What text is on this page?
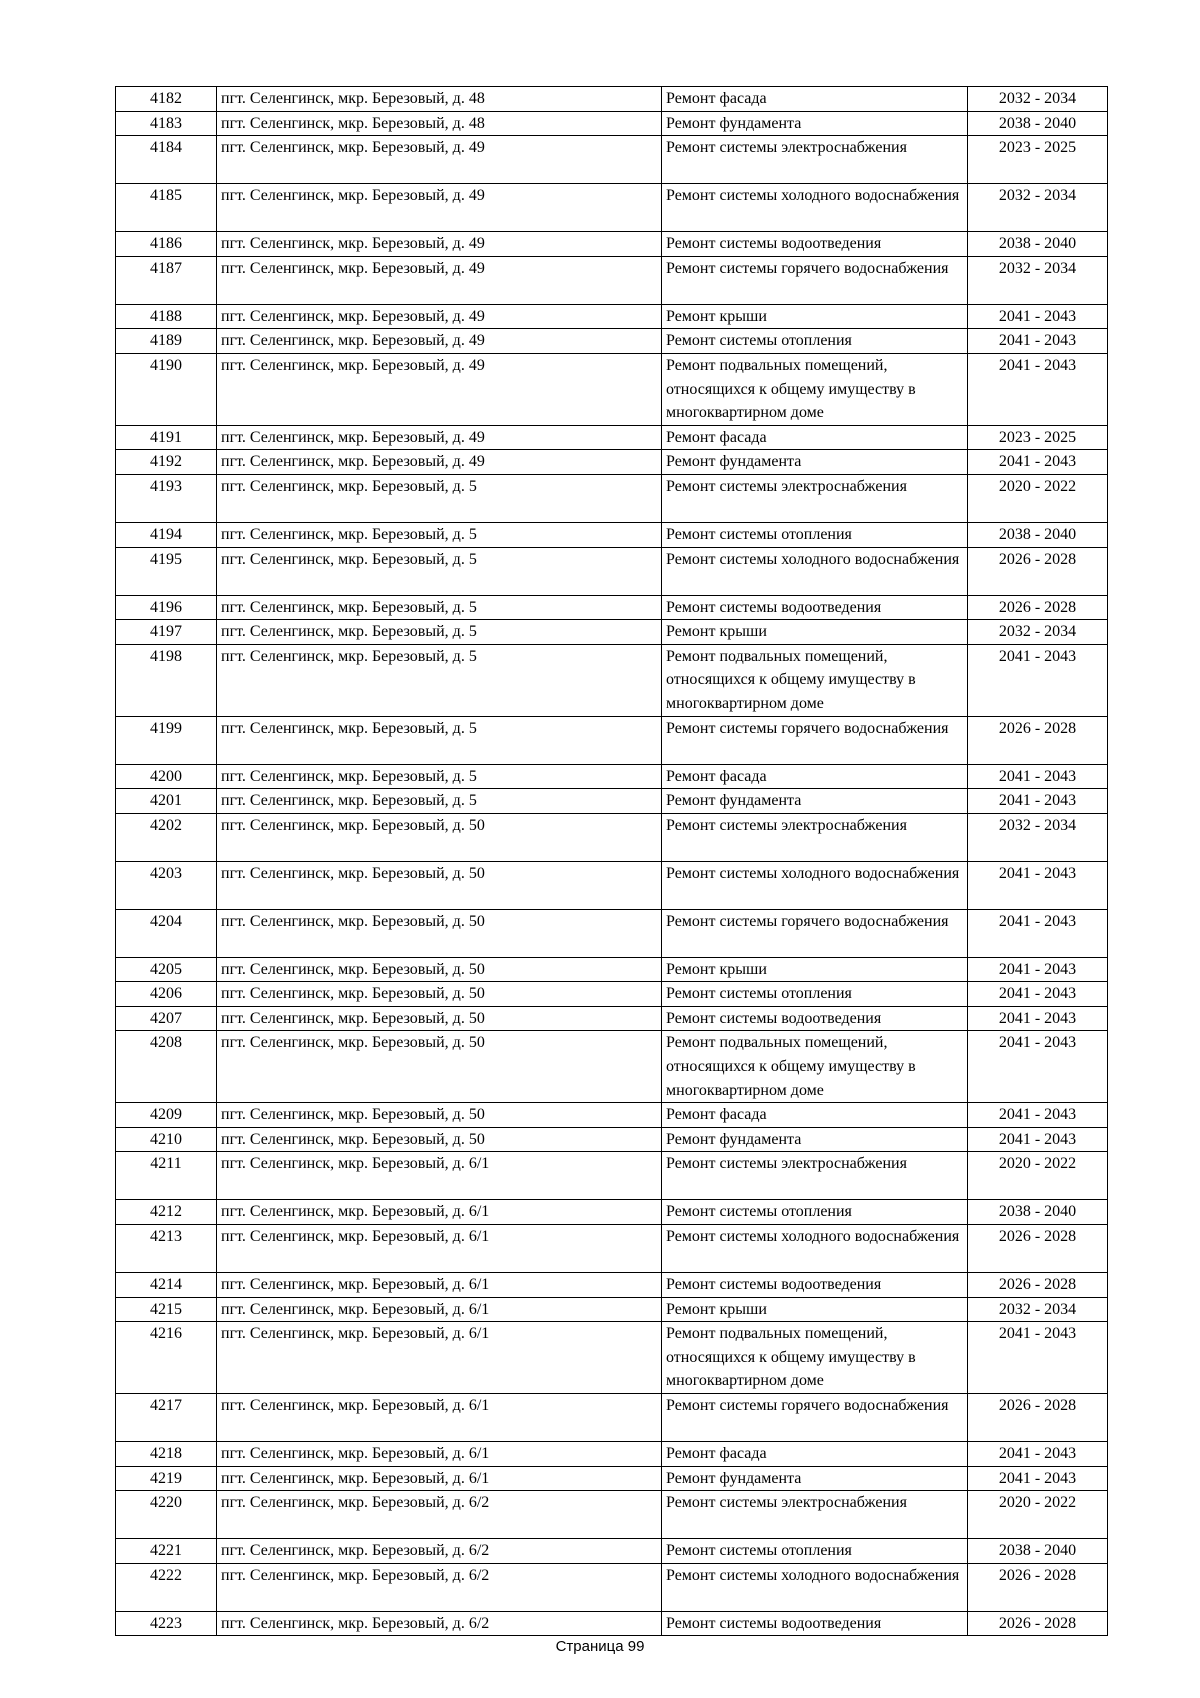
4182	пгт. Селенгинск, мкр. Березовый, д. 48	Ремонт фасада	2032 - 2034
4183	пгт. Селенгинск, мкр. Березовый, д. 48	Ремонт фундамента	2038 - 2040
4184	пгт. Селенгинск, мкр. Березовый, д. 49	Ремонт системы электроснабжения	2023 - 2025
4185	пгт. Селенгинск, мкр. Березовый, д. 49	Ремонт системы холодного водоснабжения	2032 - 2034
4186	пгт. Селенгинск, мкр. Березовый, д. 49	Ремонт системы водоотведения	2038 - 2040
4187	пгт. Селенгинск, мкр. Березовый, д. 49	Ремонт системы горячего водоснабжения	2032 - 2034
4188	пгт. Селенгинск, мкр. Березовый, д. 49	Ремонт крыши	2041 - 2043
4189	пгт. Селенгинск, мкр. Березовый, д. 49	Ремонт системы отопления	2041 - 2043
4190	пгт. Селенгинск, мкр. Березовый, д. 49	Ремонт подвальных помещений, относящихся к общему имуществу в многоквартирном доме	2041 - 2043
4191	пгт. Селенгинск, мкр. Березовый, д. 49	Ремонт фасада	2023 - 2025
4192	пгт. Селенгинск, мкр. Березовый, д. 49	Ремонт фундамента	2041 - 2043
4193	пгт. Селенгинск, мкр. Березовый, д. 5	Ремонт системы электроснабжения	2020 - 2022
4194	пгт. Селенгинск, мкр. Березовый, д. 5	Ремонт системы отопления	2038 - 2040
4195	пгт. Селенгинск, мкр. Березовый, д. 5	Ремонт системы холодного водоснабжения	2026 - 2028
4196	пгт. Селенгинск, мкр. Березовый, д. 5	Ремонт системы водоотведения	2026 - 2028
4197	пгт. Селенгинск, мкр. Березовый, д. 5	Ремонт крыши	2032 - 2034
4198	пгт. Селенгинск, мкр. Березовый, д. 5	Ремонт подвальных помещений, относящихся к общему имуществу в многоквартирном доме	2041 - 2043
4199	пгт. Селенгинск, мкр. Березовый, д. 5	Ремонт системы горячего водоснабжения	2026 - 2028
4200	пгт. Селенгинск, мкр. Березовый, д. 5	Ремонт фасада	2041 - 2043
4201	пгт. Селенгинск, мкр. Березовый, д. 5	Ремонт фундамента	2041 - 2043
4202	пгт. Селенгинск, мкр. Березовый, д. 50	Ремонт системы электроснабжения	2032 - 2034
4203	пгт. Селенгинск, мкр. Березовый, д. 50	Ремонт системы холодного водоснабжения	2041 - 2043
4204	пгт. Селенгинск, мкр. Березовый, д. 50	Ремонт системы горячего водоснабжения	2041 - 2043
4205	пгт. Селенгинск, мкр. Березовый, д. 50	Ремонт крыши	2041 - 2043
4206	пгт. Селенгинск, мкр. Березовый, д. 50	Ремонт системы отопления	2041 - 2043
4207	пгт. Селенгинск, мкр. Березовый, д. 50	Ремонт системы водоотведения	2041 - 2043
4208	пгт. Селенгинск, мкр. Березовый, д. 50	Ремонт подвальных помещений, относящихся к общему имуществу в многоквартирном доме	2041 - 2043
4209	пгт. Селенгинск, мкр. Березовый, д. 50	Ремонт фасада	2041 - 2043
4210	пгт. Селенгинск, мкр. Березовый, д. 50	Ремонт фундамента	2041 - 2043
4211	пгт. Селенгинск, мкр. Березовый, д. 6/1	Ремонт системы электроснабжения	2020 - 2022
4212	пгт. Селенгинск, мкр. Березовый, д. 6/1	Ремонт системы отопления	2038 - 2040
4213	пгт. Селенгинск, мкр. Березовый, д. 6/1	Ремонт системы холодного водоснабжения	2026 - 2028
4214	пгт. Селенгинск, мкр. Березовый, д. 6/1	Ремонт системы водоотведения	2026 - 2028
4215	пгт. Селенгинск, мкр. Березовый, д. 6/1	Ремонт крыши	2032 - 2034
4216	пгт. Селенгинск, мкр. Березовый, д. 6/1	Ремонт подвальных помещений, относящихся к общему имуществу в многоквартирном доме	2041 - 2043
4217	пгт. Селенгинск, мкр. Березовый, д. 6/1	Ремонт системы горячего водоснабжения	2026 - 2028
4218	пгт. Селенгинск, мкр. Березовый, д. 6/1	Ремонт фасада	2041 - 2043
4219	пгт. Селенгинск, мкр. Березовый, д. 6/1	Ремонт фундамента	2041 - 2043
4220	пгт. Селенгинск, мкр. Березовый, д. 6/2	Ремонт системы электроснабжения	2020 - 2022
4221	пгт. Селенгинск, мкр. Березовый, д. 6/2	Ремонт системы отопления	2038 - 2040
4222	пгт. Селенгинск, мкр. Березовый, д. 6/2	Ремонт системы холодного водоснабжения	2026 - 2028
4223	пгт. Селенгинск, мкр. Березовый, д. 6/2	Ремонт системы водоотведения	2026 - 2028
Страница 99
